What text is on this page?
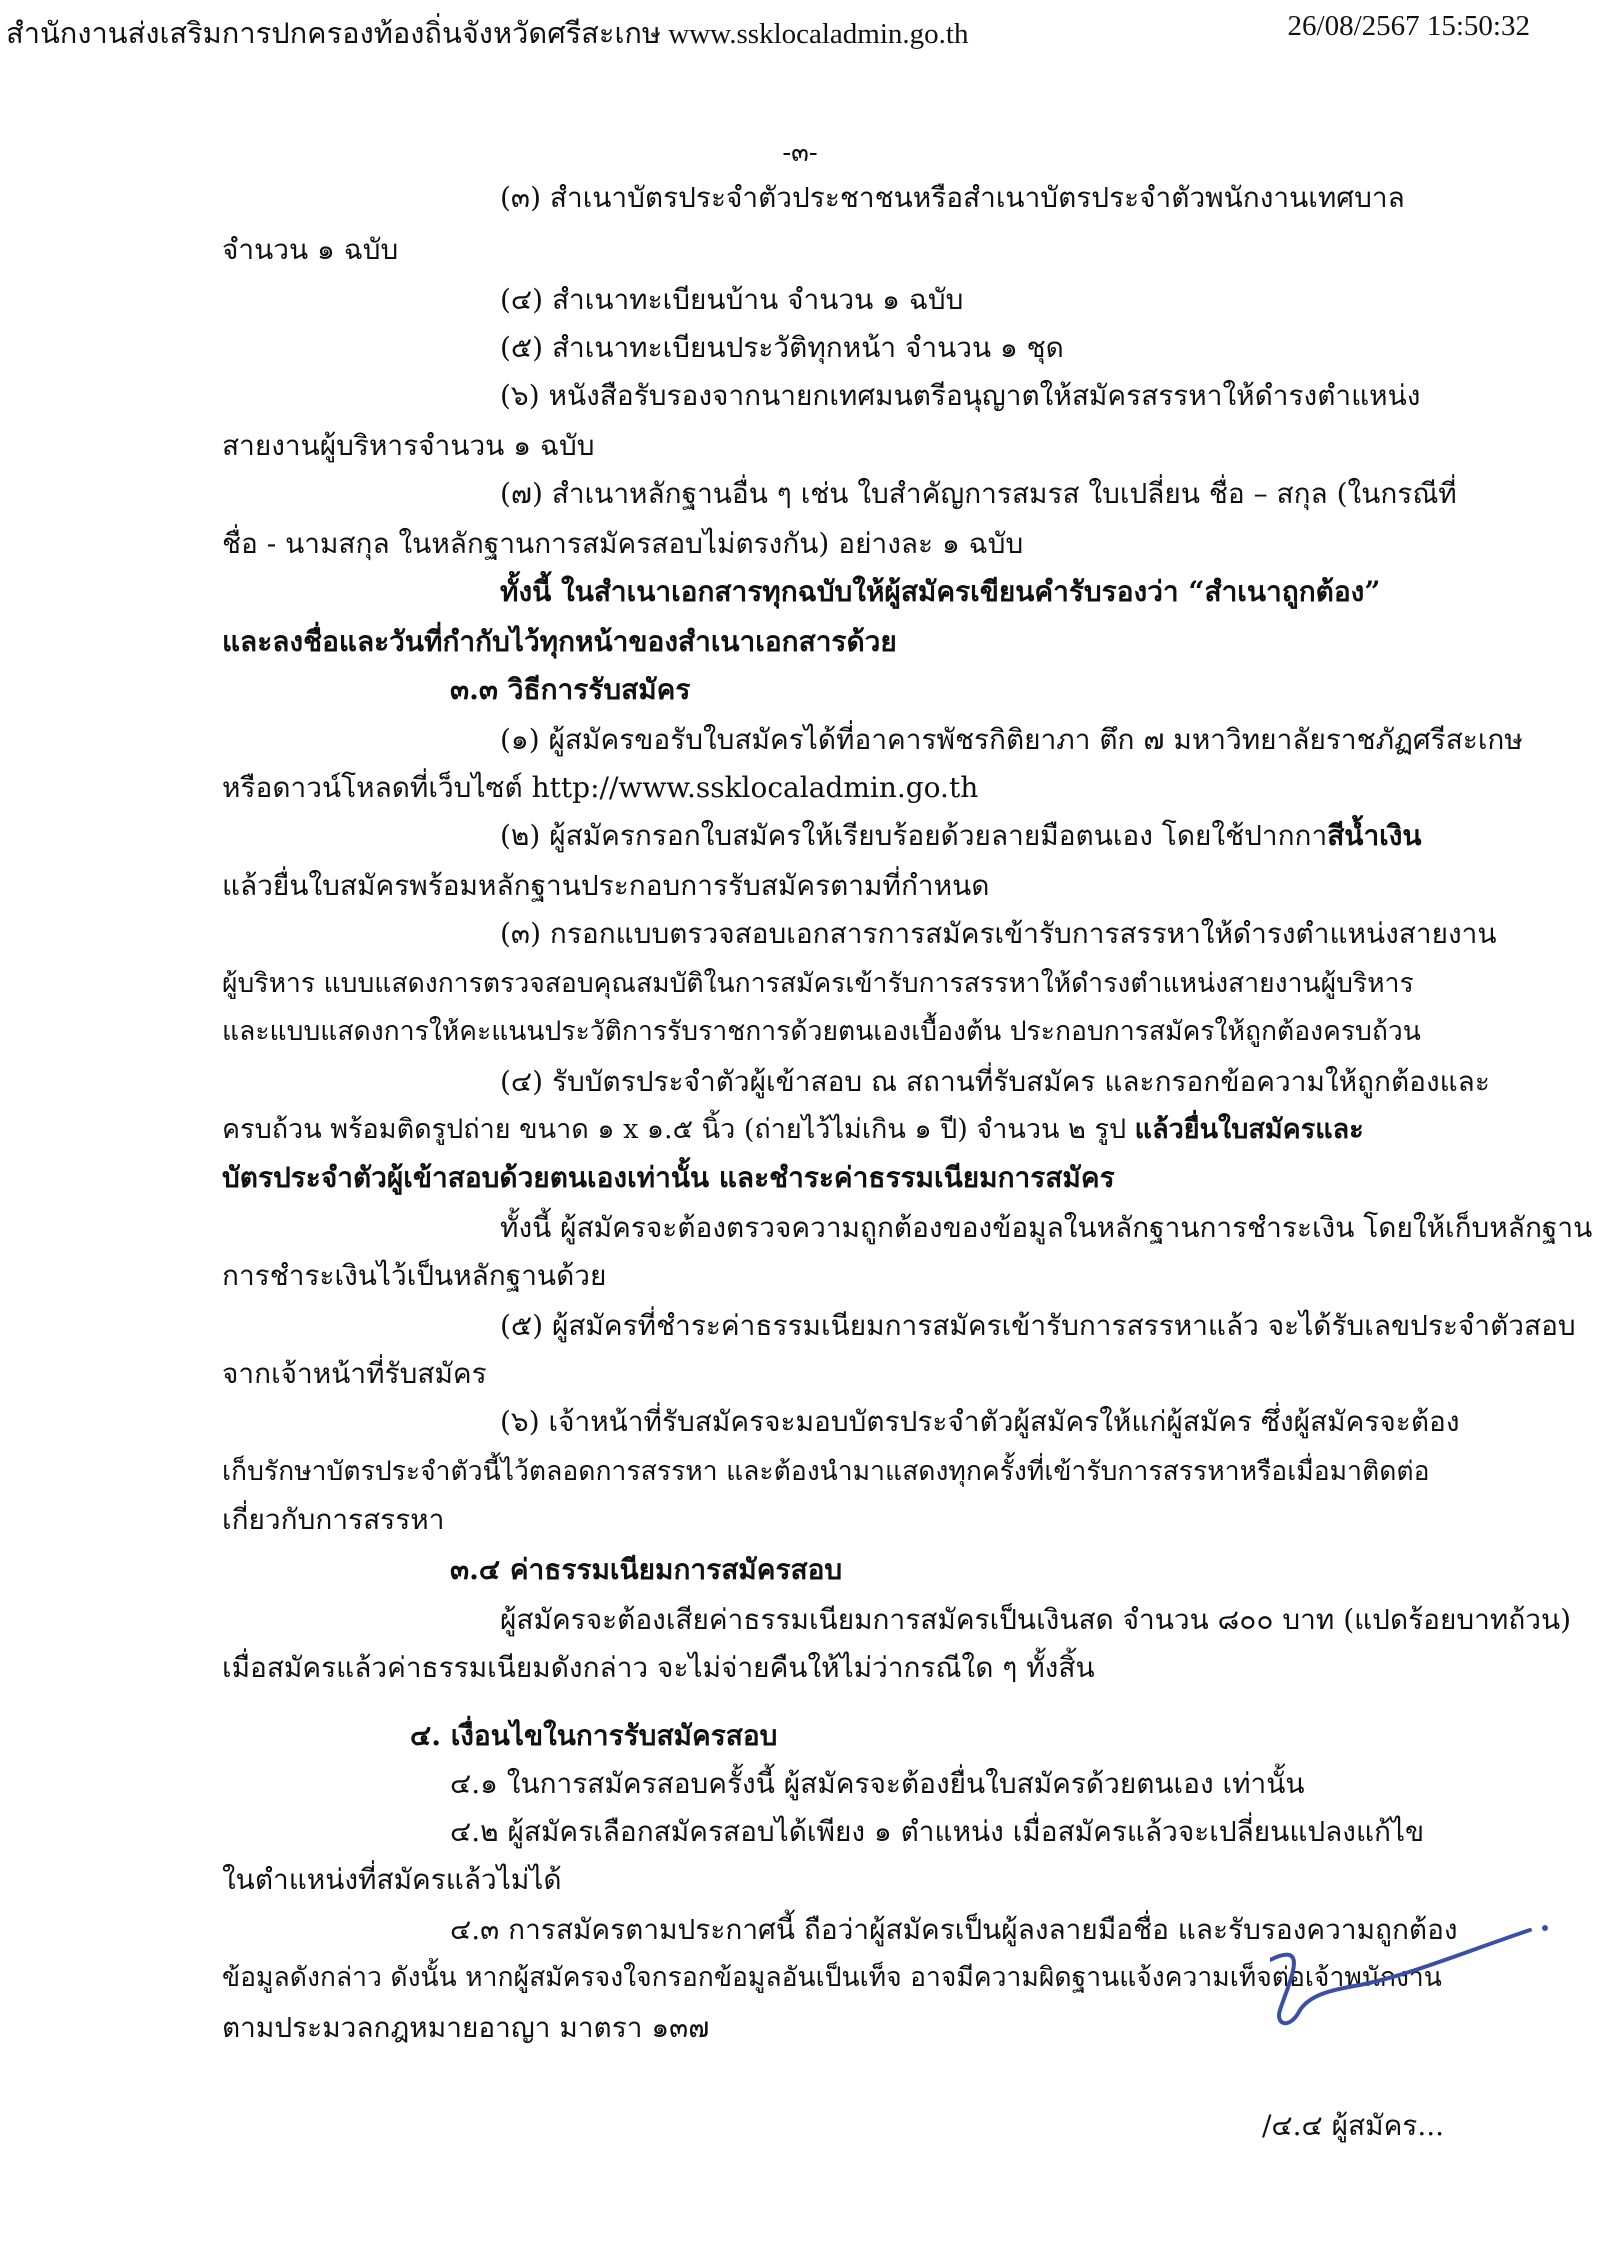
สำนักงานส่งเสริมการปกครองท้องถิ่นจังหวัดศรีสะเกษ www.ssklocaladmin.go.th	26/08/2567 15:50:32
-๓-
(๓) สำเนาบัตรประจำตัวประชาชนหรือสำเนาบัตรประจำตัวพนักงานเทศบาล
จำนวน ๑ ฉบับ
(๔) สำเนาทะเบียนบ้าน จำนวน ๑ ฉบับ
(๕) สำเนาทะเบียนประวัติทุกหน้า จำนวน ๑ ชุด
(๖) หนังสือรับรองจากนายกเทศมนตรีอนุญาตให้สมัครสรรหาให้ดำรงตำแหน่ง
สายงานผู้บริหารจำนวน ๑ ฉบับ
(๗) สำเนาหลักฐานอื่น ๆ เช่น ใบสำคัญการสมรส ใบเปลี่ยน ชื่อ – สกุล (ในกรณีที่
ชื่อ - นามสกุล ในหลักฐานการสมัครสอบไม่ตรงกัน) อย่างละ ๑ ฉบับ
ทั้งนี้ ในสำเนาเอกสารทุกฉบับให้ผู้สมัครเขียนคำรับรองว่า “สำเนาถูกต้อง”
และลงชื่อและวันที่กำกับไว้ทุกหน้าของสำเนาเอกสารด้วย
๓.๓ วิธีการรับสมัคร
(๑) ผู้สมัครขอรับใบสมัครได้ที่อาคารพัชรกิติยาภา ตึก ๗ มหาวิทยาลัยราชภัฏศรีสะเกษ
หรือดาวน์โหลดที่เว็บไซต์ http://www.ssklocaladmin.go.th
(๒) ผู้สมัครกรอกใบสมัครให้เรียบร้อยด้วยลายมือตนเอง โดยใช้ปากกาสีน้ำเงิน
แล้วยื่นใบสมัครพร้อมหลักฐานประกอบการรับสมัครตามที่กำหนด
(๓) กรอกแบบตรวจสอบเอกสารการสมัครเข้ารับการสรรหาให้ดำรงตำแหน่งสายงาน
ผู้บริหาร แบบแสดงการตรวจสอบคุณสมบัติในการสมัครเข้ารับการสรรหาให้ดำรงตำแหน่งสายงานผู้บริหาร
และแบบแสดงการให้คะแนนประวัติการรับราชการด้วยตนเองเบื้องต้น ประกอบการสมัครให้ถูกต้องครบถ้วน
(๔) รับบัตรประจำตัวผู้เข้าสอบ ณ สถานที่รับสมัคร และกรอกข้อความให้ถูกต้องและ
ครบถ้วน พร้อมติดรูปถ่าย ขนาด ๑ x ๑.๕ นิ้ว (ถ่ายไว้ไม่เกิน ๑ ปี) จำนวน ๒ รูป แล้วยื่นใบสมัครและ
บัตรประจำตัวผู้เข้าสอบด้วยตนเองเท่านั้น และชำระค่าธรรมเนียมการสมัคร
ทั้งนี้ ผู้สมัครจะต้องตรวจความถูกต้องของข้อมูลในหลักฐานการชำระเงิน โดยให้เก็บหลักฐาน
การชำระเงินไว้เป็นหลักฐานด้วย
(๕) ผู้สมัครที่ชำระค่าธรรมเนียมการสมัครเข้ารับการสรรหาแล้ว จะได้รับเลขประจำตัวสอบ
จากเจ้าหน้าที่รับสมัคร
(๖) เจ้าหน้าที่รับสมัครจะมอบบัตรประจำตัวผู้สมัครให้แก่ผู้สมัคร ซึ่งผู้สมัครจะต้อง
เก็บรักษาบัตรประจำตัวนี้ไว้ตลอดการสรรหา และต้องนำมาแสดงทุกครั้งที่เข้ารับการสรรหาหรือเมื่อมาติดต่อ
เกี่ยวกับการสรรหา
๓.๔ ค่าธรรมเนียมการสมัครสอบ
ผู้สมัครจะต้องเสียค่าธรรมเนียมการสมัครเป็นเงินสด จำนวน ๘๐๐ บาท (แปดร้อยบาทถ้วน)
เมื่อสมัครแล้วค่าธรรมเนียมดังกล่าว จะไม่จ่ายคืนให้ไม่ว่ากรณีใด ๆ ทั้งสิ้น
๔. เงื่อนไขในการรับสมัครสอบ
๔.๑ ในการสมัครสอบครั้งนี้ ผู้สมัครจะต้องยื่นใบสมัครด้วยตนเอง เท่านั้น
๔.๒ ผู้สมัครเลือกสมัครสอบได้เพียง ๑ ตำแหน่ง เมื่อสมัครแล้วจะเปลี่ยนแปลงแก้ไข
ในตำแหน่งที่สมัครแล้วไม่ได้
๔.๓ การสมัครตามประกาศนี้ ถือว่าผู้สมัครเป็นผู้ลงลายมือชื่อ และรับรองความถูกต้อง
ข้อมูลดังกล่าว ดังนั้น หากผู้สมัครจงใจกรอกข้อมูลอันเป็นเท็จ อาจมีความผิดฐานแจ้งความเท็จต่อเจ้าพนักงาน
ตามประมวลกฎหมายอาญา มาตรา ๑๓๗
/๔.๔ ผู้สมัคร...
